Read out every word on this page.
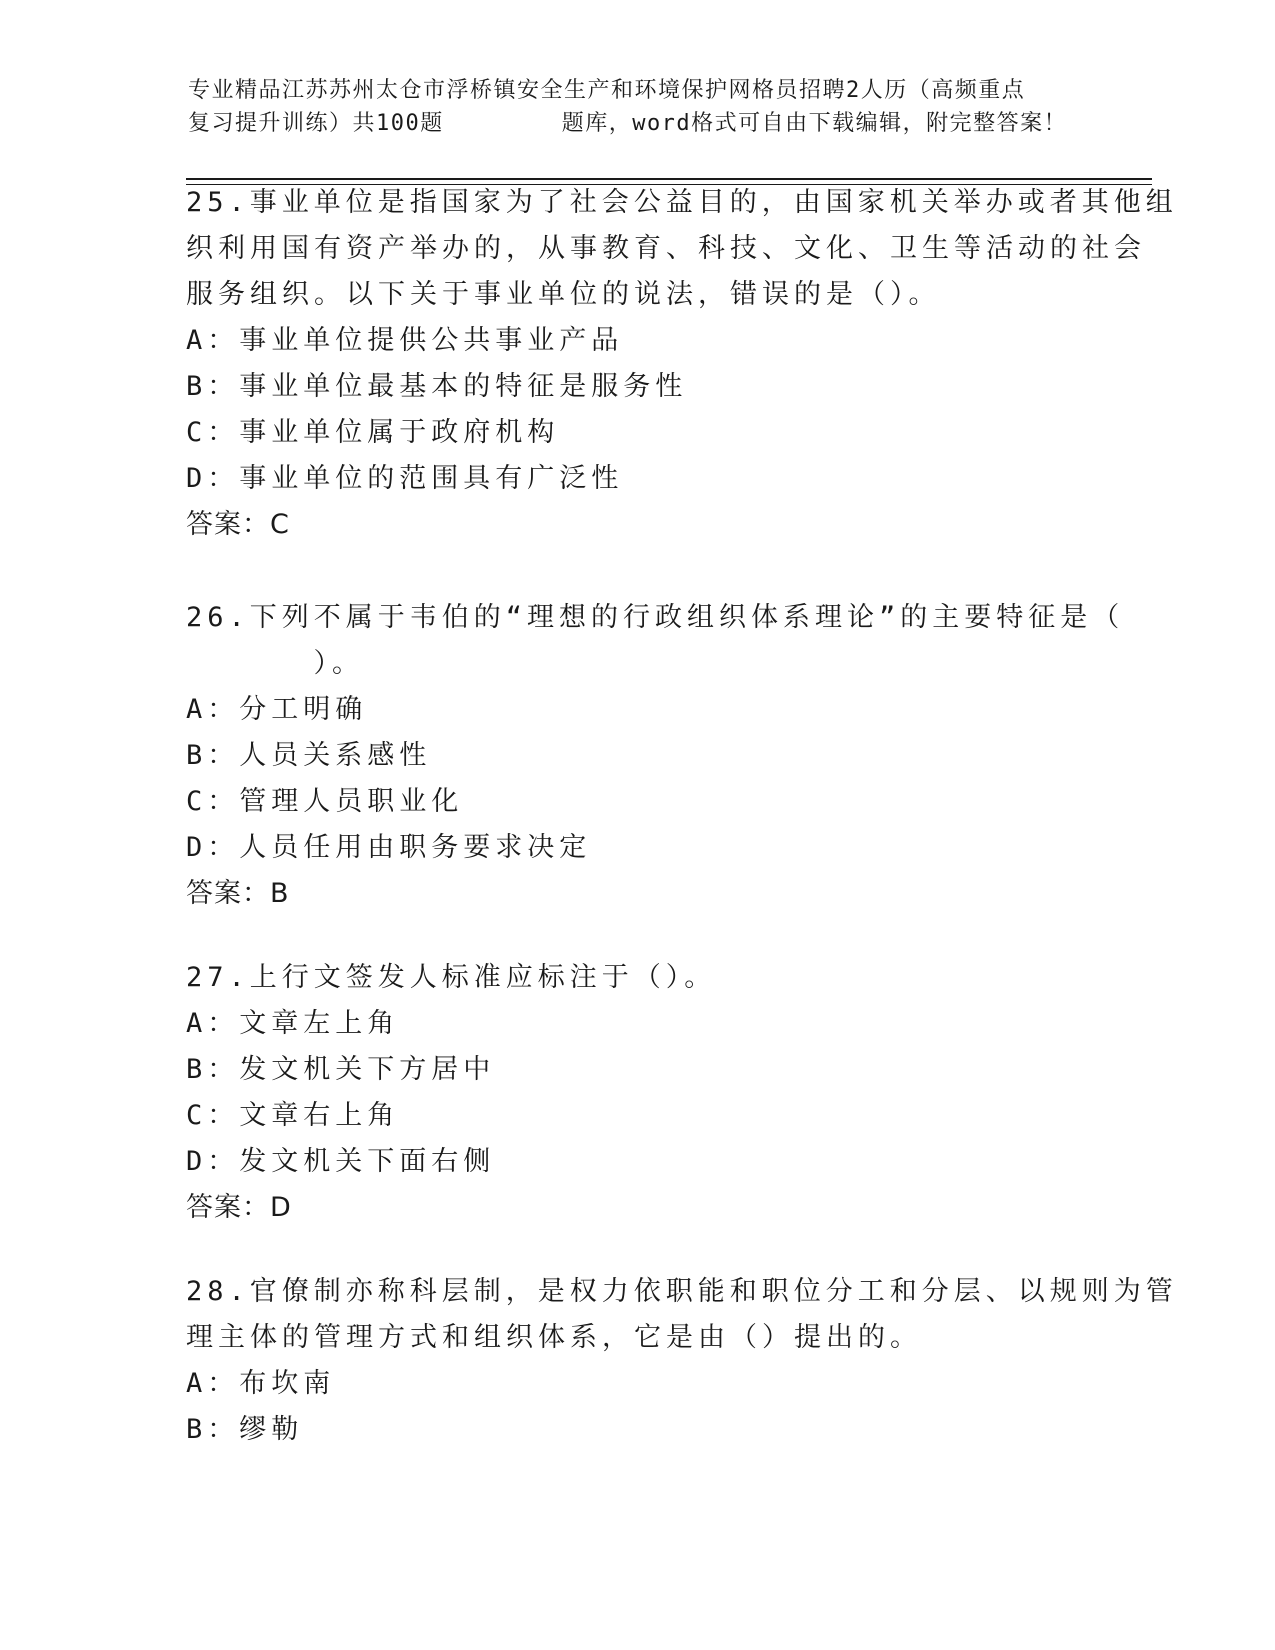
专业精品江苏苏州太仓市浮桥镇安全生产和环境保护网格员招聘2人历（高频重点
复习提升训练）共100题        题库，word格式可自由下载编辑，附完整答案！
25.事业单位是指国家为了社会公益目的，由国家机关举办或者其他组
织利用国有资产举办的，从事教育、科技、文化、卫生等活动的社会
服务组织。以下关于事业单位的说法，错误的是（）。
A：事业单位提供公共事业产品
B：事业单位最基本的特征是服务性
C：事业单位属于政府机构
D：事业单位的范围具有广泛性
答案：C
26.下列不属于韦伯的“理想的行政组织体系理论”的主要特征是（
）。
A：分工明确
B：人员关系感性
C：管理人员职业化
D：人员任用由职务要求决定
答案：B
27.上行文签发人标准应标注于（）。
A：文章左上角
B：发文机关下方居中
C：文章右上角
D：发文机关下面右侧
答案：D
28.官僚制亦称科层制，是权力依职能和职位分工和分层、以规则为管
理主体的管理方式和组织体系，它是由（）提出的。
A：布坎南
B：缪勒
